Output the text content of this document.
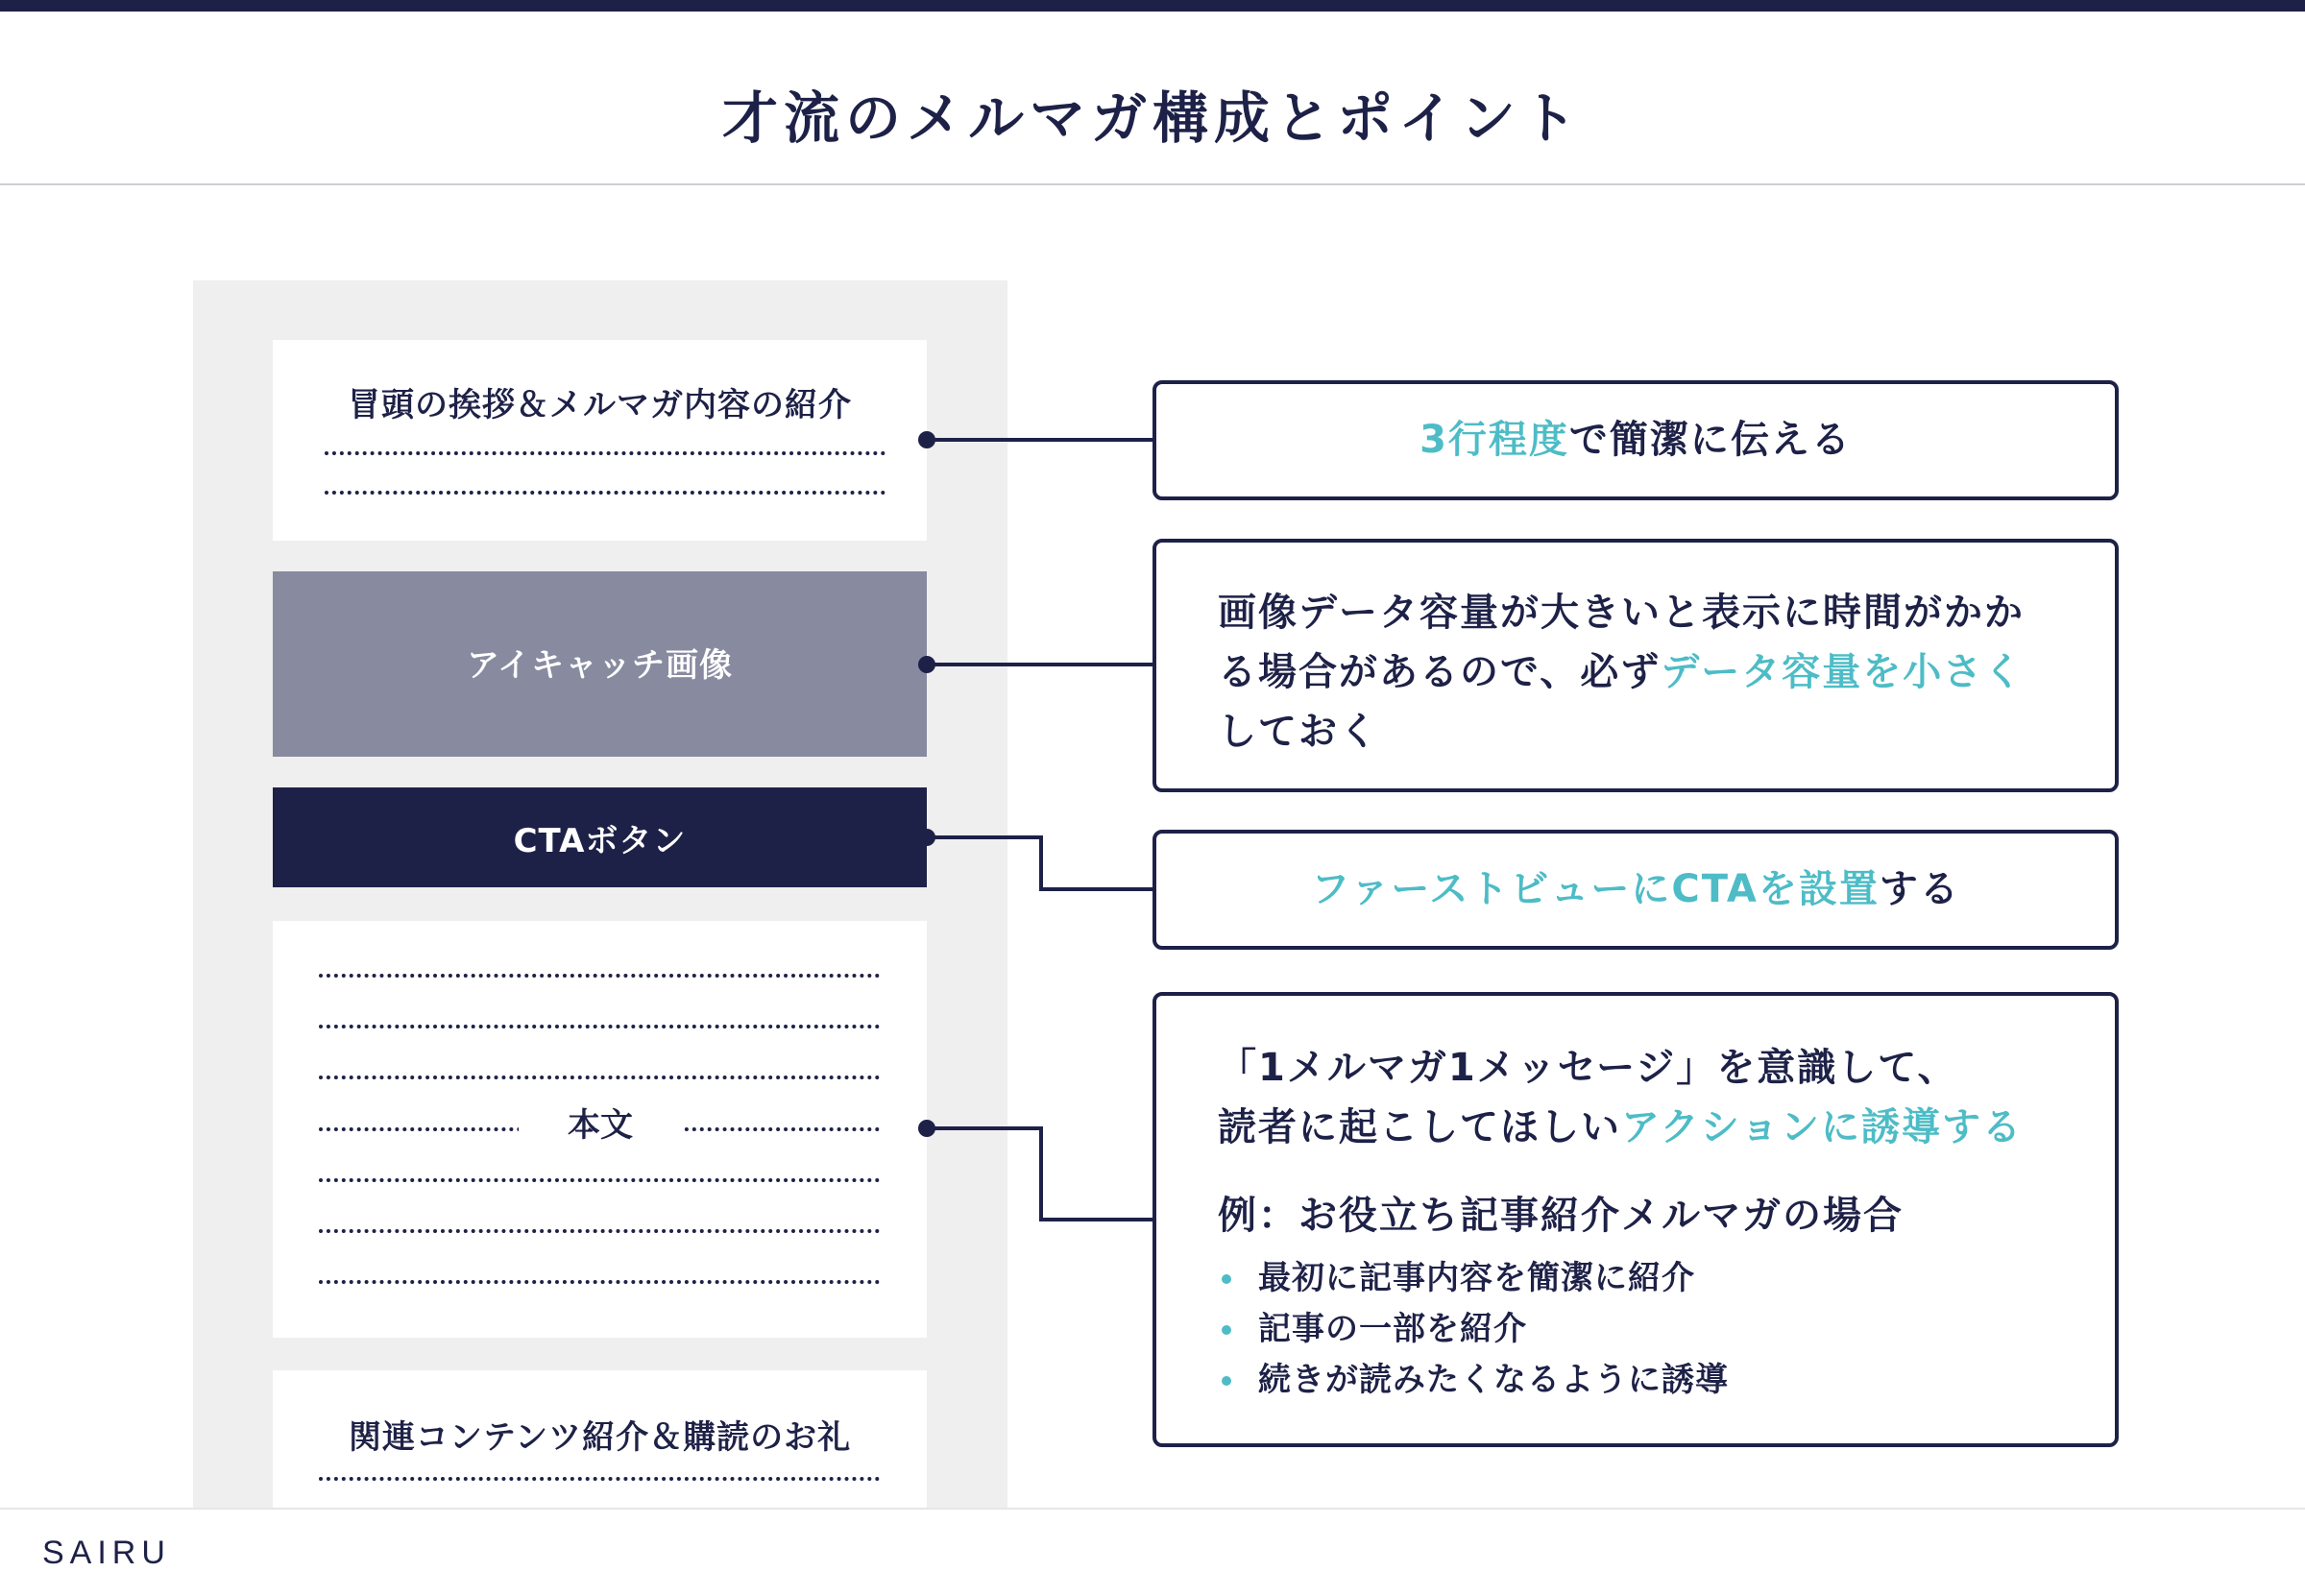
才流のメルマガ構成とポイント
冒頭の挨拶＆メルマガ内容の紹介
アイキャッチ画像
CTAボタン
本文
関連コンテンツ紹介＆購読のお礼
3行程度で簡潔に伝える

画像データ容量が大きいと表示に時間がかか

る場合があるので、必ずデータ容量を小さく

しておく

ファーストビューにCTAを設置する

「1メルマガ1メッセージ」を意識して、

読者に起こしてほしいアクションに誘導する

例：お役立ち記事紹介メルマガの場合

最初に記事内容を簡潔に紹介
記事の一部を紹介
続きが読みたくなるように誘導
SAIRU
